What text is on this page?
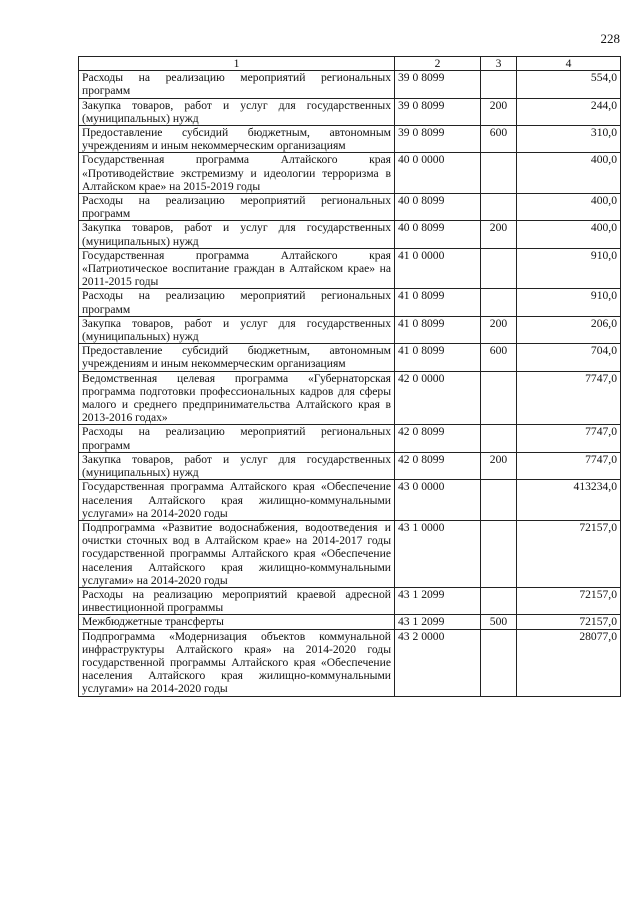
228
1	2	3	4
Расходы на реализацию мероприятий региональных программ	39 0 8099		554,0
Закупка товаров, работ и услуг для государственных (муниципальных) нужд	39 0 8099	200	244,0
Предоставление субсидий бюджетным, автономным учреждениям и иным некоммерческим организациям	39 0 8099	600	310,0
Государственная программа Алтайского края «Противодействие экстремизму и идеологии терроризма в Алтайском крае» на 2015-2019 годы	40 0 0000		400,0
Расходы на реализацию мероприятий региональных программ	40 0 8099		400,0
Закупка товаров, работ и услуг для государственных (муниципальных) нужд	40 0 8099	200	400,0
Государственная программа Алтайского края «Патриотическое воспитание граждан в Алтайском крае» на 2011-2015 годы	41 0 0000		910,0
Расходы на реализацию мероприятий региональных программ	41 0 8099		910,0
Закупка товаров, работ и услуг для государственных (муниципальных) нужд	41 0 8099	200	206,0
Предоставление субсидий бюджетным, автономным учреждениям и иным некоммерческим организациям	41 0 8099	600	704,0
Ведомственная целевая программа «Губернаторская программа подготовки профессиональных кадров для сферы малого и среднего предпринимательства Алтайского края в 2013-2016 годах»	42 0 0000		7747,0
Расходы на реализацию мероприятий региональных программ	42 0 8099		7747,0
Закупка товаров, работ и услуг для государственных (муниципальных) нужд	42 0 8099	200	7747,0
Государственная программа Алтайского края «Обеспечение населения Алтайского края жилищно-коммунальными услугами» на 2014-2020 годы	43 0 0000		413234,0
Подпрограмма «Развитие водоснабжения, водоотведения и очистки сточных вод в Алтайском крае» на 2014-2017 годы государственной программы Алтайского края «Обеспечение населения Алтайского края жилищно-коммунальными услугами» на 2014-2020 годы	43 1 0000		72157,0
Расходы на реализацию мероприятий краевой адресной инвестиционной программы	43 1 2099		72157,0
Межбюджетные трансферты	43 1 2099	500	72157,0
Подпрограмма «Модернизация объектов коммунальной инфраструктуры Алтайского края» на 2014-2020 годы государственной программы Алтайского края «Обеспечение населения Алтайского края жилищно-коммунальными услугами» на 2014-2020 годы	43 2 0000		28077,0
